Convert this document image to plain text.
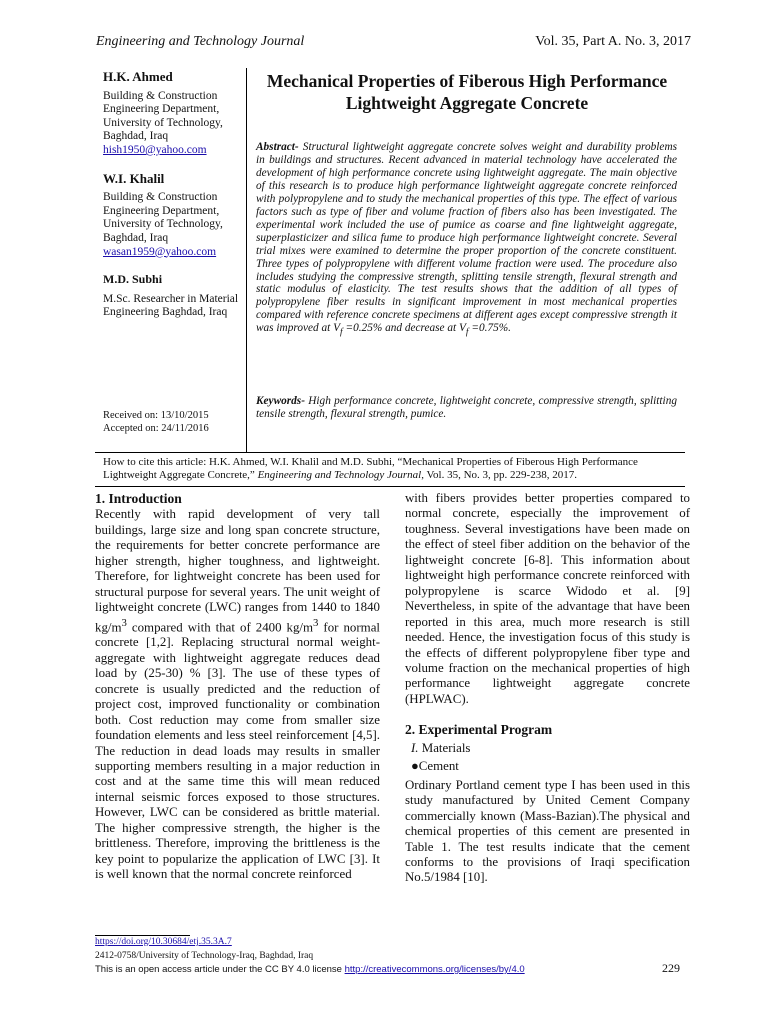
Engineering and Technology Journal	Vol. 35, Part A. No. 3, 2017
H.K. Ahmed
Building & Construction Engineering Department, University of Technology, Baghdad, Iraq
hish1950@yahoo.com
W.I. Khalil
Building & Construction Engineering Department, University of Technology, Baghdad, Iraq
wasan1959@yahoo.com
M.D. Subhi
M.Sc. Researcher in Material Engineering Baghdad, Iraq
Received on: 13/10/2015
Accepted on: 24/11/2016
Mechanical Properties of Fiberous High Performance Lightweight Aggregate Concrete
Abstract- Structural lightweight aggregate concrete solves weight and durability problems in buildings and structures. Recent advanced in material technology have accelerated the development of high performance concrete using lightweight aggregate. The main objective of this research is to produce high performance lightweight aggregate concrete reinforced with polypropylene and to study the mechanical properties of this type. The effect of various factors such as type of fiber and volume fraction of fibers also has been investigated. The experimental work included the use of pumice as coarse and fine lightweight aggregate, superplasticizer and silica fume to produce high performance lightweight concrete. Several trial mixes were examined to determine the proper proportion of the concrete constituent. Three types of polypropylene with different volume fraction were used. The procedure also includes studying the compressive strength, splitting tensile strength, flexural strength and static modulus of elasticity. The test results shows that the addition of all types of polypropylene fiber results in significant improvement in most mechanical properties compared with reference concrete specimens at different ages except compressive strength it was improved at $V_f =0.25\%$ and decrease at $V_f =0.75\%$.
Keywords- High performance concrete, lightweight concrete, compressive strength, splitting tensile strength, flexural strength, pumice.
How to cite this article: H.K. Ahmed, W.I. Khalil and M.D. Subhi, “Mechanical Properties of Fiberous High Performance Lightweight Aggregate Concrete,” Engineering and Technology Journal, Vol. 35, No. 3, pp. 229-238, 2017.
1. Introduction

Recently with rapid development of very tall buildings, large size and long span concrete structure, the requirements for better concrete performance are higher strength, higher toughness, and lightweight. Therefore, for lightweight concrete has been used for structural purpose for several years. The unit weight of lightweight concrete (LWC) ranges from 1440 to 1840 $kg/m^3$ compared with that of 2400 $kg/m^3$ for normal concrete [1,2]. Replacing structural normal weight-aggregate with lightweight aggregate reduces dead load by (25-30) % [3]. The use of these types of concrete is usually predicted and the reduction of project cost, improved functionality or combination both. Cost reduction may come from smaller size foundation elements and less steel reinforcement [4,5]. The reduction in dead loads may results in smaller supporting members resulting in a major reduction in cost and at the same time this will mean reduced internal seismic forces exposed to those structures. However, LWC can be considered as brittle material. The higher compressive strength, the higher is the brittleness. Therefore, improving the brittleness is the key point to popularize the application of LWC [3]. It is well known that the normal concrete reinforced

with fibers provides better properties compared to normal concrete, especially the improvement of toughness. Several investigations have been made on the effect of steel fiber addition on the behavior of the lightweight concrete [6-8]. This information about lightweight high performance concrete reinforced with polypropylene is scarce Widodo et al. [9] Nevertheless, in spite of the advantage that have been reported in this area, much more research is still needed. Hence, the investigation focus of this study is the effects of different polypropylene fiber type and volume fraction on the mechanical properties of high performance lightweight aggregate concrete (HPLWAC).

2. Experimental Program
I. Materials
●Cement

Ordinary Portland cement type I has been used in this study manufactured by United Cement Company commercially known (Mass-Bazian).The physical and chemical properties of this cement are presented in Table 1. The test results indicate that the cement conforms to the provisions of Iraqi specification No.5/1984 [10].

https://doi.org/10.30684/etj.35.3A.7
2412-0758/University of Technology-Iraq, Baghdad, Iraq
This is an open access article under the CC BY 4.0 license http://creativecommons.org/licenses/by/4.0	229
